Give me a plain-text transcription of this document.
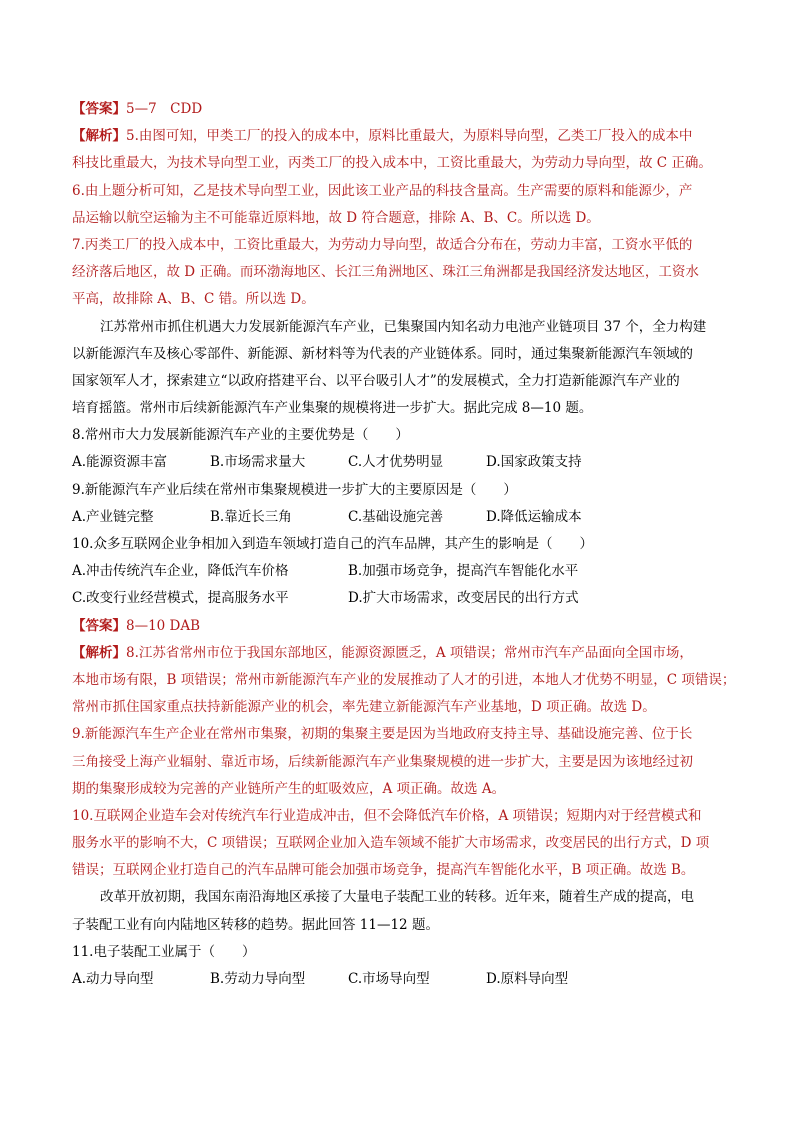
【答案】5—7　CDD
【解析】5.由图可知，甲类工厂的投入的成本中，原料比重最大，为原料导向型，乙类工厂投入的成本中
科技比重最大，为技术导向型工业，丙类工厂的投入成本中，工资比重最大，为劳动力导向型，故 C 正确。
6.由上题分析可知，乙是技术导向型工业，因此该工业产品的科技含量高。生产需要的原料和能源少，产
品运输以航空运输为主不可能靠近原料地，故 D 符合题意，排除 A、B、C。所以选 D。
7.丙类工厂的投入成本中，工资比重最大，为劳动力导向型，故适合分布在，劳动力丰富，工资水平低的
经济落后地区，故 D 正确。而环渤海地区、长江三角洲地区、珠江三角洲都是我国经济发达地区，工资水
平高，故排除 A、B、C 错。所以选 D。
江苏常州市抓住机遇大力发展新能源汽车产业，已集聚国内知名动力电池产业链项目 37 个，全力构建
以新能源汽车及核心零部件、新能源、新材料等为代表的产业链体系。同时，通过集聚新能源汽车领域的
国家领军人才，探索建立“以政府搭建平台、以平台吸引人才”的发展模式，全力打造新能源汽车产业的
培育摇篮。常州市后续新能源汽车产业集聚的规模将进一步扩大。据此完成 8—10 题。
8.常州市大力发展新能源汽车产业的主要优势是（　　）
A.能源资源丰富	B.市场需求量大	C.人才优势明显	D.国家政策支持
9.新能源汽车产业后续在常州市集聚规模进一步扩大的主要原因是（　　）
A.产业链完整	B.靠近长三角	C.基础设施完善	D.降低运输成本
10.众多互联网企业争相加入到造车领域打造自己的汽车品牌，其产生的影响是（　　）
A.冲击传统汽车企业，降低汽车价格	B.加强市场竞争，提高汽车智能化水平
C.改变行业经营模式，提高服务水平	D.扩大市场需求，改变居民的出行方式
【答案】8—10 DAB
【解析】8.江苏省常州市位于我国东部地区，能源资源匮乏，A 项错误；常州市汽车产品面向全国市场，
本地市场有限，B 项错误；常州市新能源汽车产业的发展推动了人才的引进，本地人才优势不明显，C 项错误；
常州市抓住国家重点扶持新能源产业的机会，率先建立新能源汽车产业基地，D 项正确。故选 D。
9.新能源汽车生产企业在常州市集聚，初期的集聚主要是因为当地政府支持主导、基础设施完善、位于长
三角接受上海产业辐射、靠近市场，后续新能源汽车产业集聚规模的进一步扩大，主要是因为该地经过初
期的集聚形成较为完善的产业链所产生的虹吸效应，A 项正确。故选 A。
10.互联网企业造车会对传统汽车行业造成冲击，但不会降低汽车价格，A 项错误；短期内对于经营模式和
服务水平的影响不大，C 项错误；互联网企业加入造车领域不能扩大市场需求，改变居民的出行方式，D 项
错误；互联网企业打造自己的汽车品牌可能会加强市场竞争，提高汽车智能化水平，B 项正确。故选 B。
改革开放初期，我国东南沿海地区承接了大量电子装配工业的转移。近年来，随着生产成的提高，电
子装配工业有向内陆地区转移的趋势。据此回答 11—12 题。
11.电子装配工业属于（　　）
A.动力导向型	B.劳动力导向型	C.市场导向型	D.原料导向型
